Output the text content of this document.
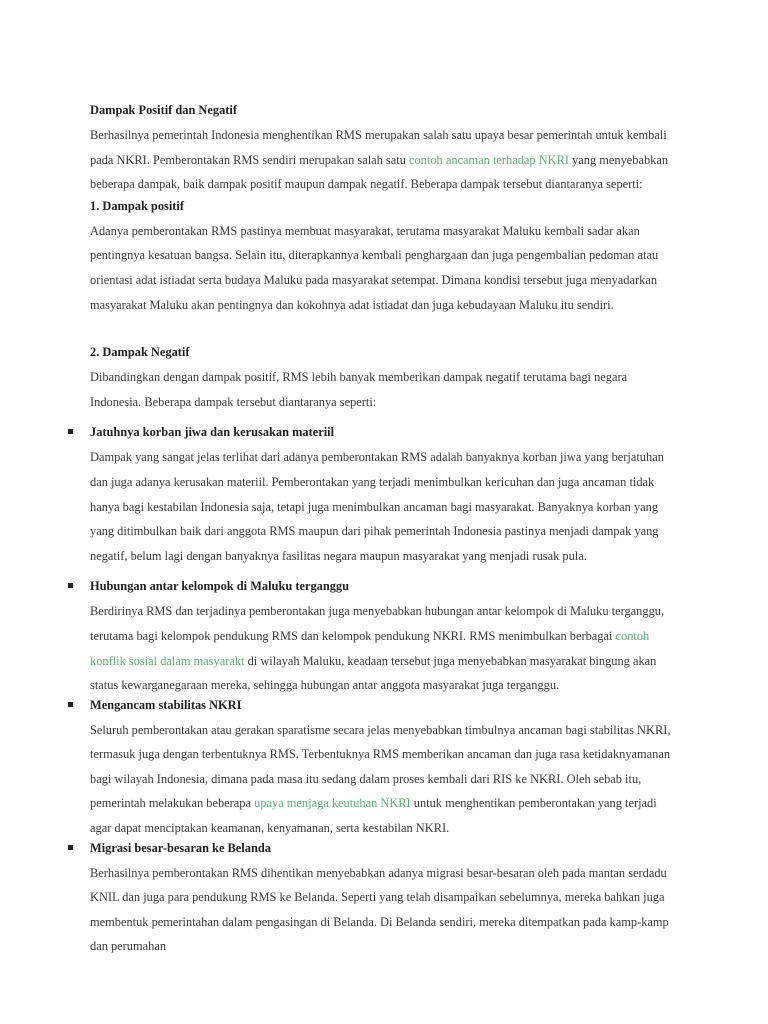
Dampak Positif dan Negatif

Berhasilnya pemerintah Indonesia menghentikan RMS merupakan salah satu upaya besar pemerintah untuk kembali pada NKRI. Pemberontakan RMS sendiri merupakan salah satu contoh ancaman terhadap NKRI yang menyebabkan beberapa dampak, baik dampak positif maupun dampak negatif. Beberapa dampak tersebut diantaranya seperti:

1. Dampak positif

Adanya pemberontakan RMS pastinya membuat masyarakat, terutama masyarakat Maluku kembali sadar akan pentingnya kesatuan bangsa. Selain itu, diterapkannya kembali penghargaan dan juga pengembalian pedoman atau orientasi adat istiadat serta budaya Maluku pada masyarakat setempat. Dimana kondisi tersebut juga menyadarkan masyarakat Maluku akan pentingnya dan kokohnya adat istiadat dan juga kebudayaan Maluku itu sendiri.

2. Dampak Negatif

Dibandingkan dengan dampak positif, RMS lebih banyak memberikan dampak negatif terutama bagi negara Indonesia. Beberapa dampak tersebut diantaranya seperti:

Jatuhnya korban jiwa dan kerusakan materiil

Dampak yang sangat jelas terlihat dari adanya pemberontakan RMS adalah banyaknya korban jiwa yang berjatuhan dan juga adanya kerusakan materiil. Pemberontakan yang terjadi menimbulkan kericuhan dan juga ancaman tidak hanya bagi kestabilan Indonesia saja, tetapi juga menimbulkan ancaman bagi masyarakat. Banyaknya korban yang yang ditimbulkan baik dari anggota RMS maupun dari pihak pemerintah Indonesia pastinya menjadi dampak yang negatif, belum lagi dengan banyaknya fasilitas negara maupun masyarakat yang menjadi rusak pula.

Hubungan antar kelompok di Maluku terganggu

Berdirinya RMS dan terjadinya pemberontakan juga menyebabkan hubungan antar kelompok di Maluku terganggu, terutama bagi kelompok pendukung RMS dan kelompok pendukung NKRI. RMS menimbulkan berbagai contoh konflik sosial dalam masyarakt di wilayah Maluku, keadaan tersebut juga menyebabkan masyarakat bingung akan status kewarganegaraan mereka, sehingga hubungan antar anggota masyarakat juga terganggu.

Mengancam stabilitas NKRI

Seluruh pemberontakan atau gerakan sparatisme secara jelas menyebabkan timbulnya ancaman bagi stabilitas NKRI, termasuk juga dengan terbentuknya RMS. Terbentuknya RMS memberikan ancaman dan juga rasa ketidaknyamanan bagi wilayah Indonesia, dimana pada masa itu sedang dalam proses kembali dari RIS ke NKRI. Oleh sebab itu, pemerintah melakukan beberapa upaya menjaga keutuhan NKRI untuk menghentikan pemberontakan yang terjadi agar dapat menciptakan keamanan, kenyamanan, serta kestabilan NKRI.

Migrasi besar-besaran ke Belanda

Berhasilnya pemberontakan RMS dihentikan menyebabkan adanya migrasi besar-besaran oleh pada mantan serdadu KNIL dan juga para pendukung RMS ke Belanda. Seperti yang telah disampaikan sebelumnya, mereka bahkan juga membentuk pemerintahan dalam pengasingan di Belanda. Di Belanda sendiri, mereka ditempatkan pada kamp-kamp dan perumahan
